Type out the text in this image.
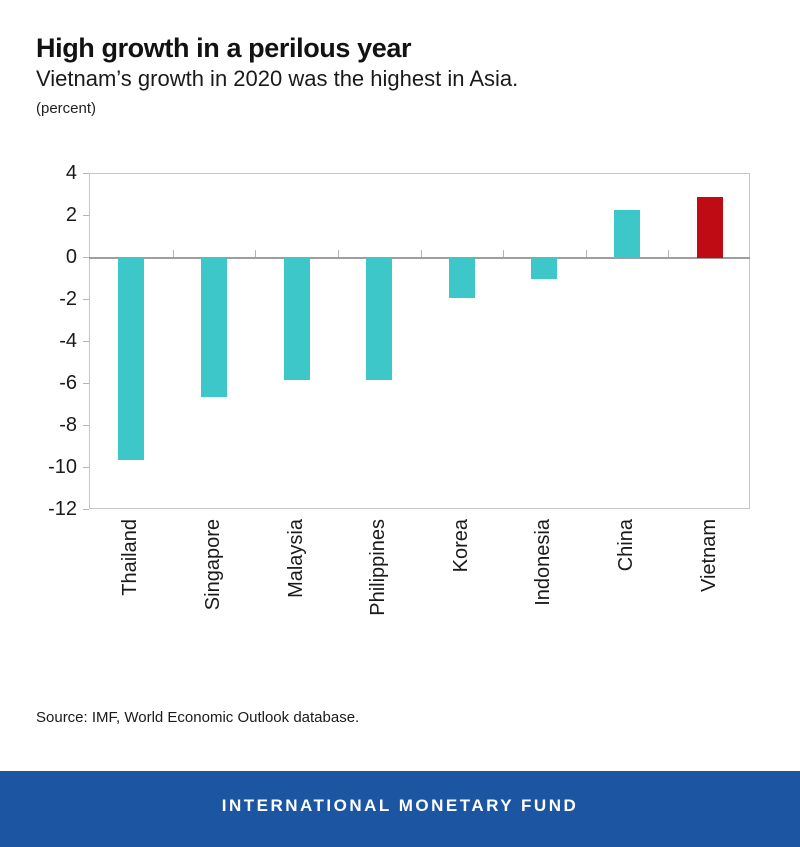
High growth in a perilous year

Vietnam’s growth in 2020 was the highest in Asia.

(percent)

Thailand	Singapore	Malaysia	Philippines	Korea	Indonesia	China	Vietnam
4
2
0
-2
-4
-6
-8
-10
-12

Source: IMF, World Economic Outlook database.

INTERNATIONAL MONETARY FUND
